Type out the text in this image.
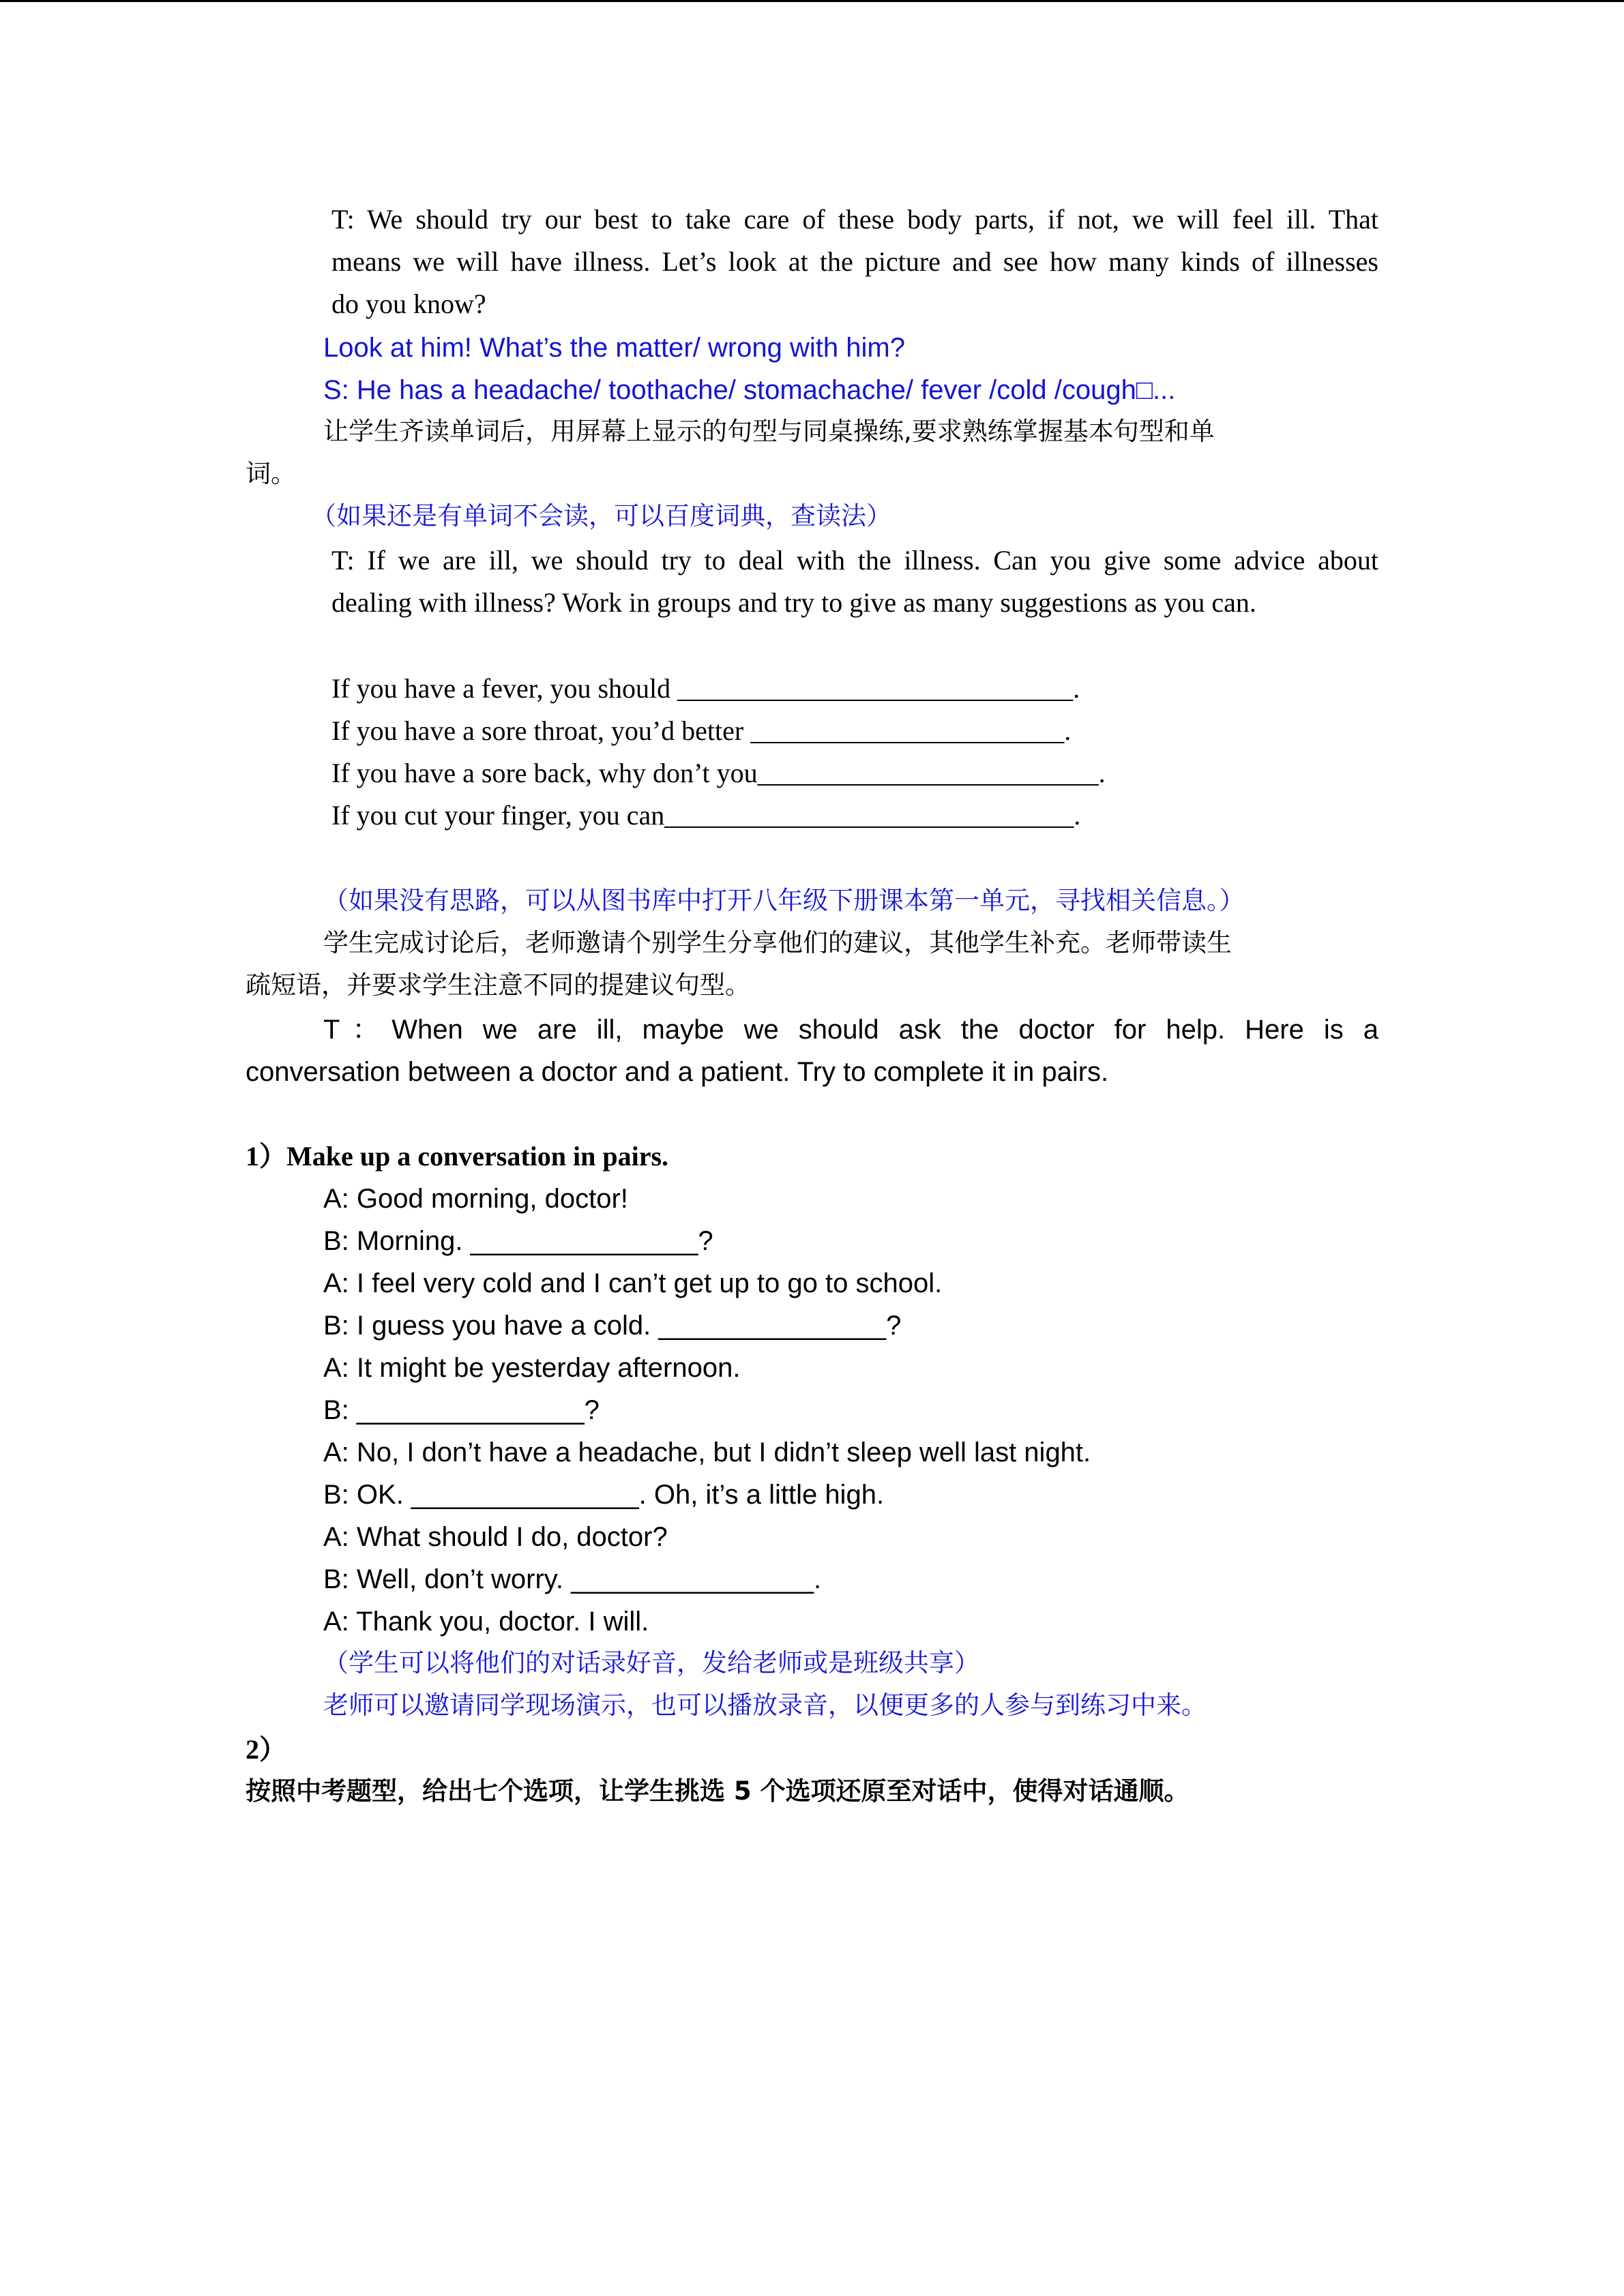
T: We should try our best to take care of these body parts, if not, we will feel ill. That

means we will have illness. Let’s look at the picture and see how many kinds of illnesses

do you know?

Look at him! What’s the matter/ wrong with him?

S: He has a headache/ toothache/ stomachache/ fever /cold /cough□...

让学生齐读单词后，用屏幕上显示的句型与同桌操练,要求熟练掌握基本句型和单

词。

（如果还是有单词不会读，可以百度词典，查读法）

T: If we are ill, we should try to deal with the illness. Can you give some advice about

dealing with illness? Work in groups and try to give as many suggestions as you can.

If you have a fever, you should _____________________________.

If you have a sore throat, you’d better _______________________.

If you have a sore back, why don’t you_________________________.

If you cut your finger, you can______________________________.

（如果没有思路，可以从图书库中打开八年级下册课本第一单元，寻找相关信息。）

学生完成讨论后，老师邀请个别学生分享他们的建议，其他学生补充。老师带读生

疏短语，并要求学生注意不同的提建议句型。

T：When we are ill, maybe we should ask the doctor for help. Here is a

conversation between a doctor and a patient. Try to complete it in pairs.

1）Make up a conversation in pairs.

A: Good morning, doctor!

B: Morning. _______________?

A: I feel very cold and I can’t get up to go to school.

B: I guess you have a cold. _______________?

A: It might be yesterday afternoon.

B: _______________?

A: No, I don’t have a headache, but I didn’t sleep well last night.

B: OK. _______________. Oh, it’s a little high.

A: What should I do, doctor?

B: Well, don’t worry. ________________.

A: Thank you, doctor. I will.

（学生可以将他们的对话录好音，发给老师或是班级共享）

老师可以邀请同学现场演示，也可以播放录音，以便更多的人参与到练习中来。

2）

按照中考题型，给出七个选项，让学生挑选 5 个选项还原至对话中，使得对话通顺。
